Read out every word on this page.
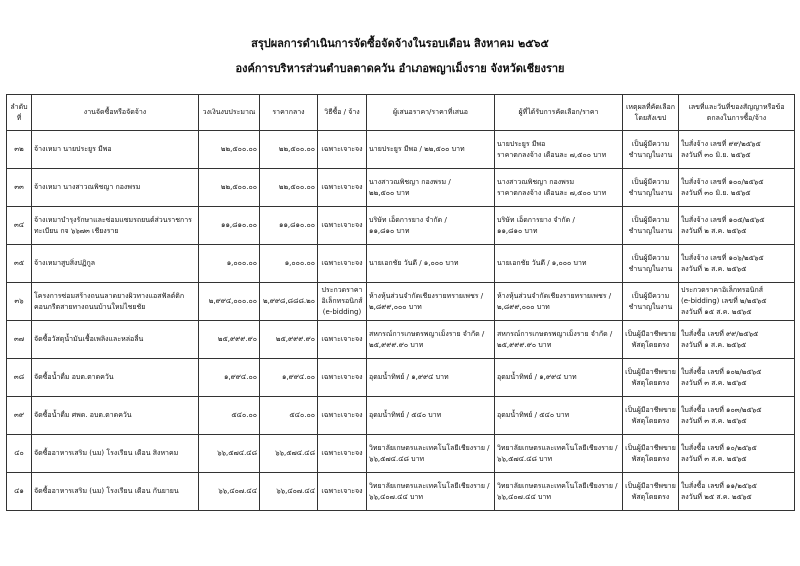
สรุปผลการดำเนินการจัดซื้อจัดจ้างในรอบเดือน สิงหาคม ๒๕๖๕
องค์การบริหารส่วนตำบลตาดควัน อำเภอพญาเม็งราย จังหวัดเชียงราย
ลำดับที่	งานจัดซื้อหรือจัดจ้าง	วงเงินงบประมาณ	ราคากลาง	วิธีซื้อ / จ้าง	ผู้เสนอราคา/ราคาที่เสนอ	ผู้ที่ได้รับการคัดเลือก/ราคา	เหตุผลที่คัดเลือกโดยสังเขป	เลขที่และวันที่ของสัญญาหรือข้อตกลงในการซื้อ/จ้าง
๓๒	จ้างเหมา นายประยูร มีพอ	๒๒,๕๐๐.๐๐	๒๒,๕๐๐.๐๐	เฉพาะเจาะจง	นายประยูร มีพอ / ๒๒,๕๐๐ บาท	นายประยูร มีพอ
ราคาตกลงจ้าง เดือนละ ๗,๕๐๐ บาท	เป็นผู้มีความชำนาญในงาน	ใบสั่งจ้าง เลขที่ ๙๙/๒๕๖๕
ลงวันที่ ๓๐ มิ.ย. ๒๕๖๕
๓๓	จ้างเหมา นางสาวณพิชญา กองพรม	๒๒,๕๐๐.๐๐	๒๒,๕๐๐.๐๐	เฉพาะเจาะจง	นางสาวณพิชญา กองพรม /
๒๒,๕๐๐ บาท	นางสาวณพิชญา กองพรม
ราคาตกลงจ้าง เดือนละ ๗,๕๐๐ บาท	เป็นผู้มีความชำนาญในงาน	ใบสั่งจ้าง เลขที่ ๑๐๐/๒๕๖๕
ลงวันที่ ๓๐ มิ.ย. ๒๕๖๕
๓๔	จ้างเหมาบำรุงรักษาและซ่อมแซมรถยนต์ส่วนราชการ ทะเบียน กจ ๖๖๗๓ เชียงราย	๑๑,๘๑๐.๐๐	๑๑,๘๑๐.๐๐	เฉพาะเจาะจง	บริษัท เอ็ดการยาง จำกัด /
๑๑,๘๑๐ บาท	บริษัท เอ็ดการยาง จำกัด /
๑๑,๘๑๐ บาท	เป็นผู้มีความชำนาญในงาน	ใบสั่งจ้าง เลขที่ ๑๐๕/๒๕๖๕
ลงวันที่ ๒ ส.ค. ๒๕๖๕
๓๕	จ้างเหมาสูบสิ่งปฏิกูล	๑,๐๐๐.๐๐	๑,๐๐๐.๐๐	เฉพาะเจาะจง	นายเอกชัย วันดี / ๑,๐๐๐ บาท	นายเอกชัย วันดี / ๑,๐๐๐ บาท	เป็นผู้มีความชำนาญในงาน	ใบสั่งจ้าง เลขที่ ๑๐๖/๒๕๖๕
ลงวันที่ ๒ ส.ค. ๒๕๖๕
๓๖	โครงการซ่อมสร้างถนนลาดยางผิวทางแอสฟัลต์ติกคอนกรีตสายทางถนนบ้านใหม่ไชยชัย	๒,๙๙๔,๐๐๐.๐๐	๒,๙๙๘,๘๘๘.๒๐	ประกวดราคาอิเล็กทรอนิกส์ (e-bidding)	ห้างหุ้นส่วนจำกัดเชียงรายทรายเพชร /
๒,๘๙๙,๐๐๐ บาท	ห้างหุ้นส่วนจำกัดเชียงรายทรายเพชร /
๒,๘๙๙,๐๐๐ บาท	เป็นผู้มีความชำนาญในงาน	ประกวดราคาอิเล็กทรอนิกส์
(e-bidding) เลขที่ ๒/๒๕๖๕
ลงวันที่ ๑๕ ส.ค. ๒๕๖๕
๓๗	จัดซื้อวัสดุน้ำมันเชื้อเพลิงและหล่อลื่น	๒๕,๙๙๙.๙๐	๒๕,๙๙๙.๙๐	เฉพาะเจาะจง	สหกรณ์การเกษตรพญาเม็งราย จำกัด /
๒๕,๙๙๙.๙๐ บาท	สหกรณ์การเกษตรพญาเม็งราย จำกัด /
๒๕,๙๙๙.๙๐ บาท	เป็นผู้มีอาชีพขายพัสดุโดยตรง	ใบสั่งซื้อ เลขที่ ๙๙/๒๕๖๕
ลงวันที่ ๑ ส.ค. ๒๕๖๕
๓๘	จัดซื้อน้ำดื่ม อบต.ตาดควัน	๑,๙๙๔.๐๐	๑,๙๙๔.๐๐	เฉพาะเจาะจง	อุดมน้ำทิพย์ / ๑,๙๙๔ บาท	อุดมน้ำทิพย์ / ๑,๙๙๔ บาท	เป็นผู้มีอาชีพขายพัสดุโดยตรง	ใบสั่งซื้อ เลขที่ ๑๐๒/๒๕๖๕
ลงวันที่ ๓ ส.ค. ๒๕๖๕
๓๙	จัดซื้อน้ำดื่ม ศพด. อบต.ตาดควัน	๕๔๐.๐๐	๕๔๐.๐๐	เฉพาะเจาะจง	อุดมน้ำทิพย์ / ๕๔๐ บาท	อุดมน้ำทิพย์ / ๕๔๐ บาท	เป็นผู้มีอาชีพขายพัสดุโดยตรง	ใบสั่งซื้อ เลขที่ ๑๐๓/๒๕๖๕
ลงวันที่ ๓ ส.ค. ๒๕๖๕
๔๐	จัดซื้ออาหารเสริม (นม) โรงเรียน เดือน สิงหาคม	๖๖,๕๗๔.๔๘	๖๖,๕๗๔.๔๘	เฉพาะเจาะจง	วิทยาลัยเกษตรและเทคโนโลยีเชียงราย /
๖๖,๕๗๔.๔๘ บาท	วิทยาลัยเกษตรและเทคโนโลยีเชียงราย /
๖๖,๕๗๔.๔๘ บาท	เป็นผู้มีอาชีพขายพัสดุโดยตรง	ใบสั่งซื้อ เลขที่ ๑๐/๒๕๖๕
ลงวันที่ ๓ ส.ค. ๒๕๖๕
๔๑	จัดซื้ออาหารเสริม (นม) โรงเรียน เดือน กันยายน	๖๖,๔๐๗.๔๔	๖๖,๔๐๗.๔๔	เฉพาะเจาะจง	วิทยาลัยเกษตรและเทคโนโลยีเชียงราย /
๖๖,๔๐๗.๔๔ บาท	วิทยาลัยเกษตรและเทคโนโลยีเชียงราย /
๖๖,๔๐๗.๔๔ บาท	เป็นผู้มีอาชีพขายพัสดุโดยตรง	ใบสั่งซื้อ เลขที่ ๑๑/๒๕๖๕
ลงวันที่ ๒๕ ส.ค. ๒๕๖๕
